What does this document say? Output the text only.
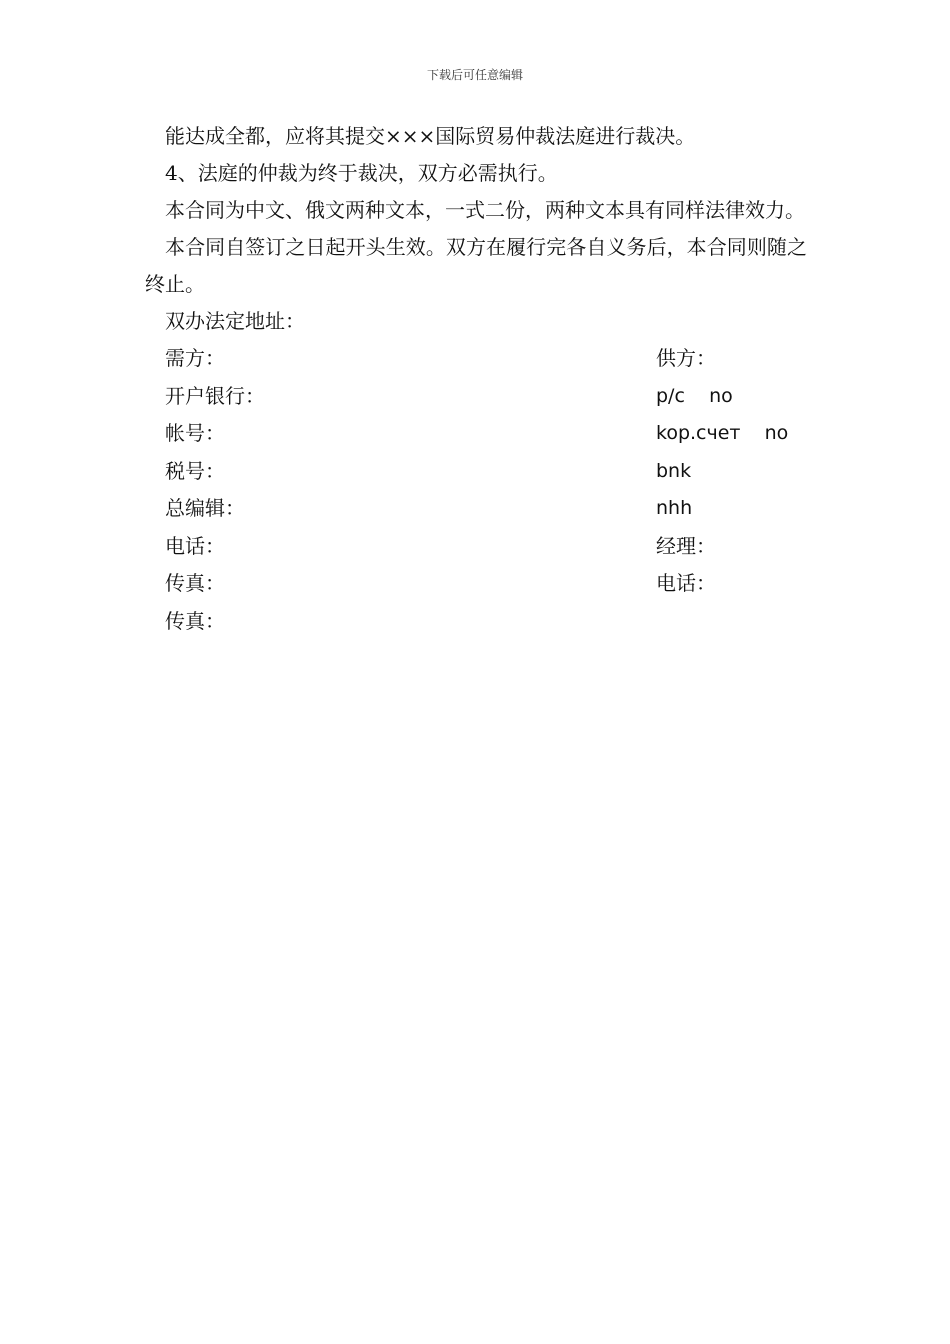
下载后可任意编辑

能达成全都，应将其提交×××国际贸易仲裁法庭进行裁决。

4、法庭的仲裁为终于裁决，双方必需执行。

本合同为中文、俄文两种文本，一式二份，两种文本具有同样法律效力。

本合同自签订之日起开头生效。双方在履行完各自义务后，本合同则随之终止。

双办法定地址：

需方：	供方：
开户银行：	p/c    no
帐号：	kop.счет    no
税号：	bnk
总编辑：	nhh
电话：	经理：
传真：	电话：
传真：
